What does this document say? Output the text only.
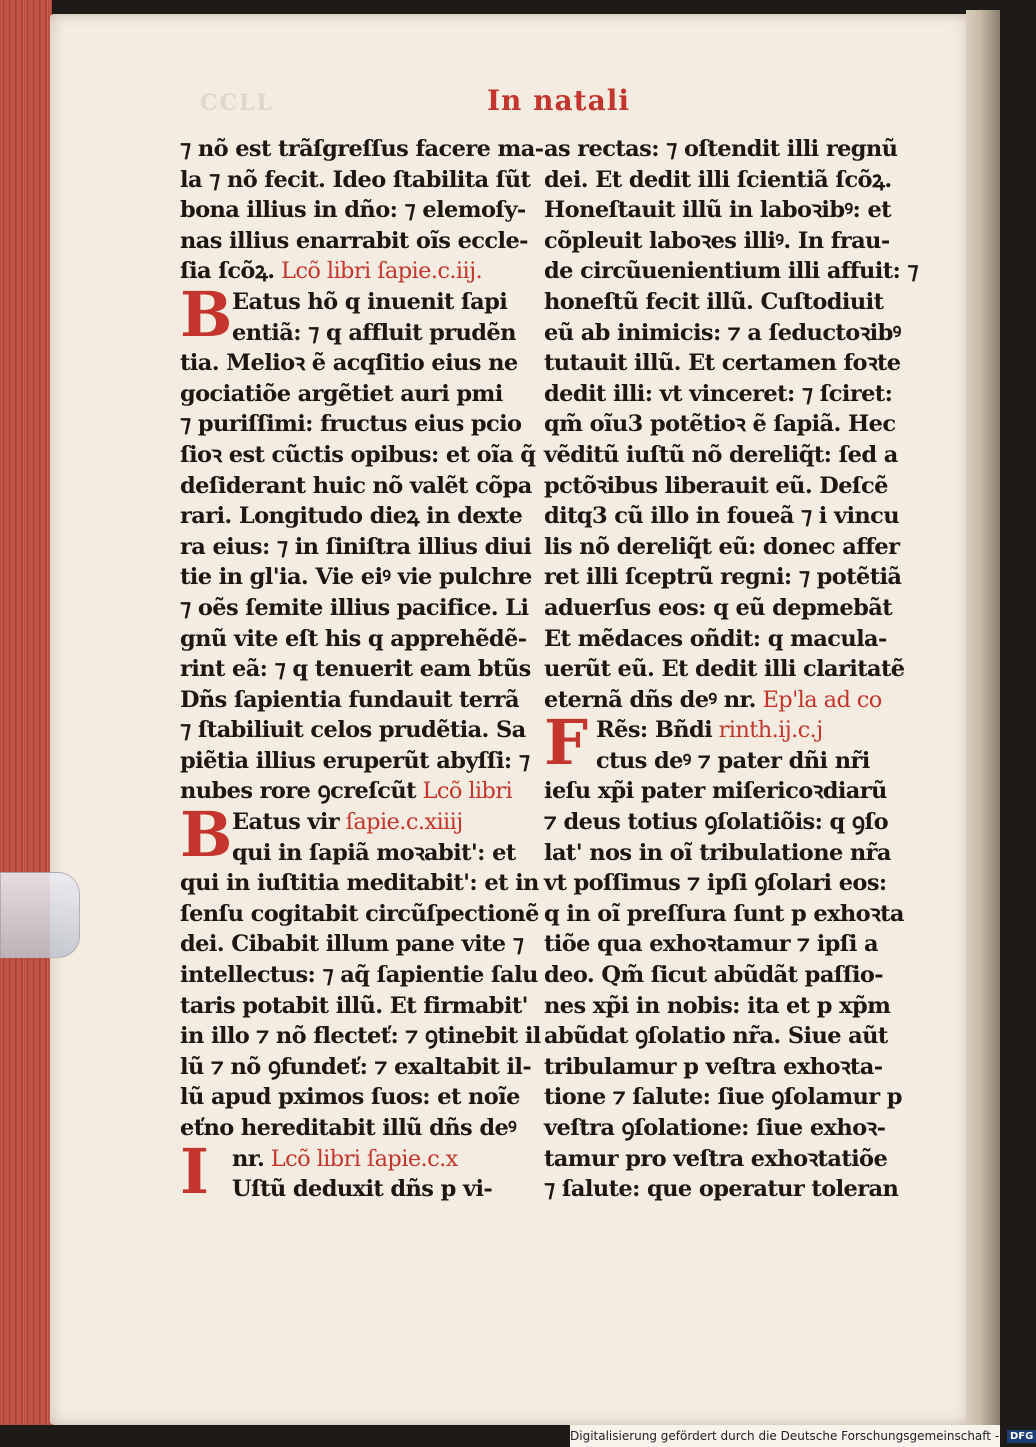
CCLL	In natali
⁊ nõ est trãſgreſſus facere ma-
la ⁊ nõ fecit. Ideo ſtabilita ſũt
bona illius in dño: ⁊ elemoſy-
nas illius enarrabit oĩs eccle-
ſia ſcõꝝ. Lcõ libri ſapie.c.iij.
B Eatus hõ q inuenit ſapi
entiã: ⁊ q affluit prudẽn
tia. Melioꝛ ẽ acqſitio eius ne
gociatiõe argẽtiet auri pmi
⁊ puriſſimi: fructus eius pcio
ſioꝛ est cũctis opibus: et oĩa q̃
deſiderant huic nõ valẽt cõpa
rari. Longitudo dieꝝ in dexte
ra eius: ⁊ in ſiniſtra illius diui
tie in gl'ia. Vie eiꝰ vie pulchre
⁊ oẽs ſemite illius pacifice. Li
gnũ vite eſt his q apprehẽdẽ-
rint eã: ⁊ q tenuerit eam btũs
Dñs ſapientia fundauit terrã
⁊ ſtabiliuit celos prudẽtia. Sa
piẽtia illius eruperũt abyſſi: ⁊
nubes rore ꝯcreſcũt Lcõ libri
B Eatus vir ſapie.c.xiiij
qui in ſapiã moꝛabit': et
qui in iuſtitia meditabit': et in
ſenſu cogitabit circũſpectionẽ
dei. Cibabit illum pane vite ⁊
intellectus: ⁊ aq̃ ſapientie ſalu
taris potabit illũ. Et firmabit'
in illo ⁊ nõ flecteť: ⁊ ꝯtinebit il
lũ ⁊ nõ ꝯfundeť: ⁊ exaltabit il-
lũ apud pximos ſuos: et noĩe
eťno hereditabit illũ dñs deꝰ
I	nr. Lcõ libri ſapie.c.x
Uſtũ deduxit dñs p vi-
as rectas: ⁊ oſtendit illi regnũ
dei. Et dedit illi ſcientiã ſcõꝝ.
Honeſtauit illũ in laboꝛibꝰ: et
cõpleuit laboꝛes illiꝰ. In frau-
de circũuenientium illi affuit: ⁊
honeſtũ fecit illũ. Cuſtodiuit
eũ ab inimicis: ⁊ a ſeductoꝛibꝰ
tutauit illũ. Et certamen foꝛte
dedit illi: vt vinceret: ⁊ ſciret:
qm̃ oĩu3 potẽtioꝛ ẽ ſapiã. Hec
vẽditũ iuſtũ nõ dereliq̃t: ſed a
pctõꝛibus liberauit eũ. Deſcẽ
ditq3 cũ illo in foueã ⁊ i vincu
lis nõ dereliq̃t eũ: donec affer
ret illi ſceptrũ regni: ⁊ potẽtiã
aduerſus eos: q eũ depmebãt
Et mẽdaces oñdit: q macula-
uerũt eũ. Et dedit illi claritatẽ
eternã dñs deꝰ nr. Ep'la ad co
F Rẽs: Bñdi rinth.ij.c.j
ctus deꝰ ⁊ pater dñi nr̃i
ieſu xp̃i pater miſericoꝛdiarũ
⁊ deus totius ꝯſolatiõis: q ꝯſo
lat' nos in oĩ tribulatione nr̃a
vt poſſimus ⁊ ipſi ꝯſolari eos:
q in oĩ preſſura ſunt p exhoꝛta
tiõe qua exhoꝛtamur ⁊ ipſi a
deo. Qm̃ ſicut abũdãt paſſio-
nes xp̃i in nobis: ita et p xp̃m
abũdat ꝯſolatio nr̃a. Siue aũt
tribulamur p veſtra exhoꝛta-
tione ⁊ ſalute: ſiue ꝯſolamur p
veſtra ꝯſolatione: ſiue exhoꝛ-
tamur pro veſtra exhoꝛtatiõe
⁊ ſalute: que operatur toleran
Digitalisierung gefördert durch die Deutsche Forschungsgemeinschaft - DFG
